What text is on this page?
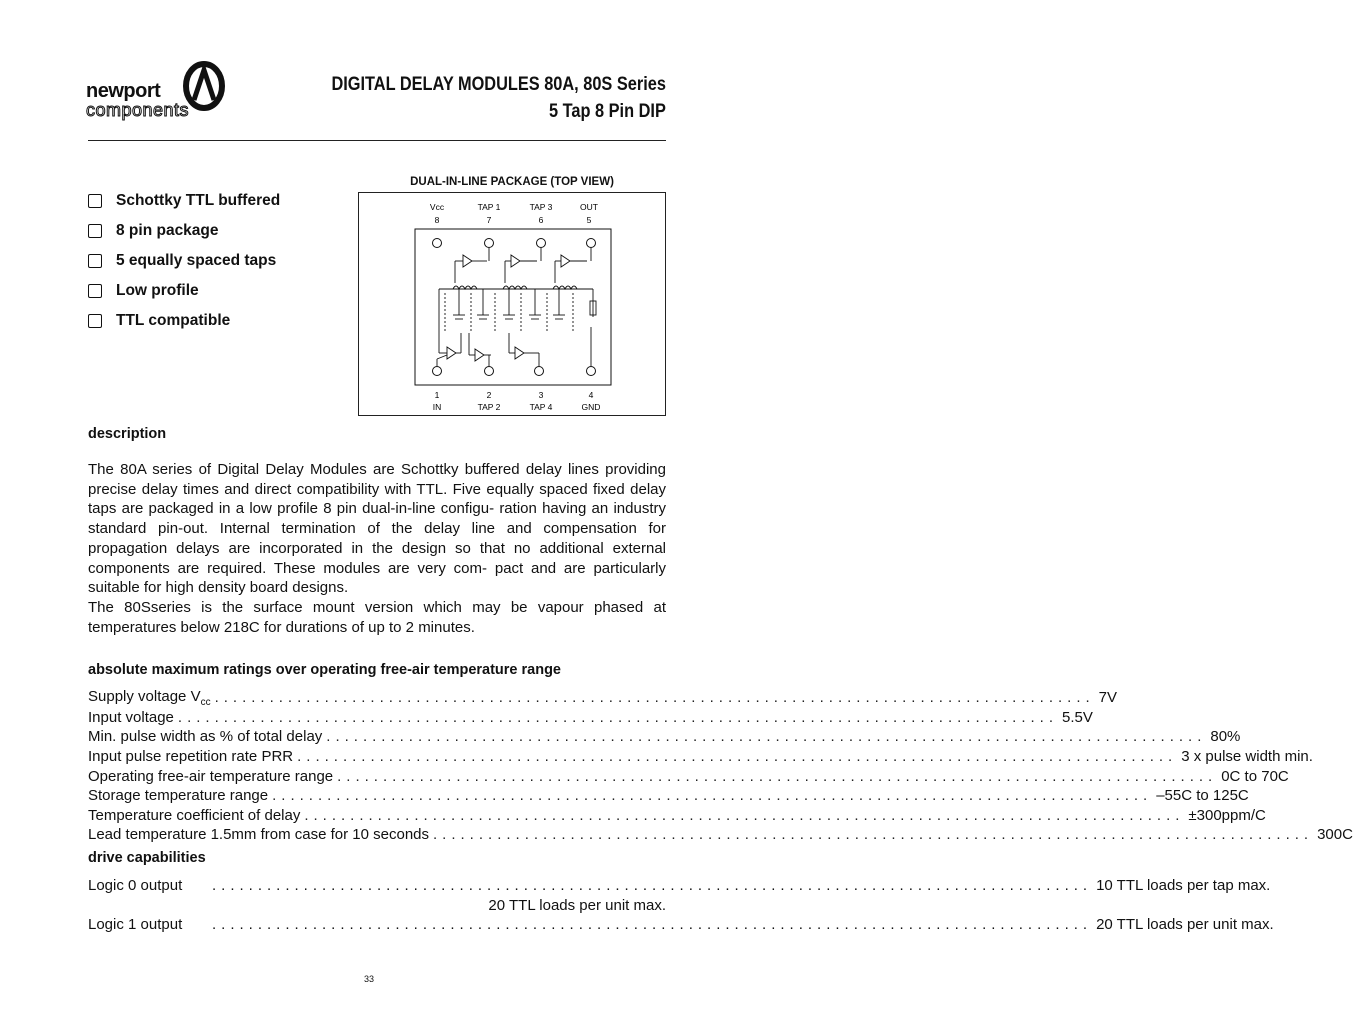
newport
components
DIGITAL DELAY MODULES 80A, 80S Series
5 Tap 8 Pin DIP
Schottky TTL buffered
8 pin package
5 equally spaced taps
Low profile
TTL compatible
DUAL-IN-LINE PACKAGE (TOP VIEW)
Vcc	TAP 1	TAP 3	OUT
8	7	6	5
1	2	3	4
IN	TAP 2	TAP 4	GND
description

The 80A series of Digital Delay Modules are Schottky buffered delay lines providing precise delay times and direct compatibility with TTL. Five equally spaced fixed delay taps are packaged in a low profile 8 pin dual-in-line configu- ration having an industry standard pin-out. Internal termination of the delay line and compensation for propagation delays are incorporated in the design so that no additional external components are required. These modules are very com- pact and are particularly suitable for high density board designs.

The 80Sseries is the surface mount version which may be vapour phased at temperatures below 218C for durations of up to 2 minutes.

absolute maximum ratings over operating free-air temperature range
Supply voltage $V_{cc}$ ................................................................................................ 7V
Input voltage ................................................................................................ 5.5V
Min. pulse width as % of total delay ................................................................................................ 80%
Input pulse repetition rate PRR ................................................................................................ 3 x pulse width min.
Operating free-air temperature range ................................................................................................ 0C to 70C
Storage temperature range ................................................................................................ –55C to 125C
Temperature coefficient of delay ................................................................................................ ±300ppm/C
Lead temperature 1.5mm from case for 10 seconds ................................................................................................ 300C
drive capabilities
Logic 0 output	................................................................................................ 10 TTL loads per tap max.
20 TTL loads per unit max.
Logic 1 output	................................................................................................ 20 TTL loads per unit max.
33
